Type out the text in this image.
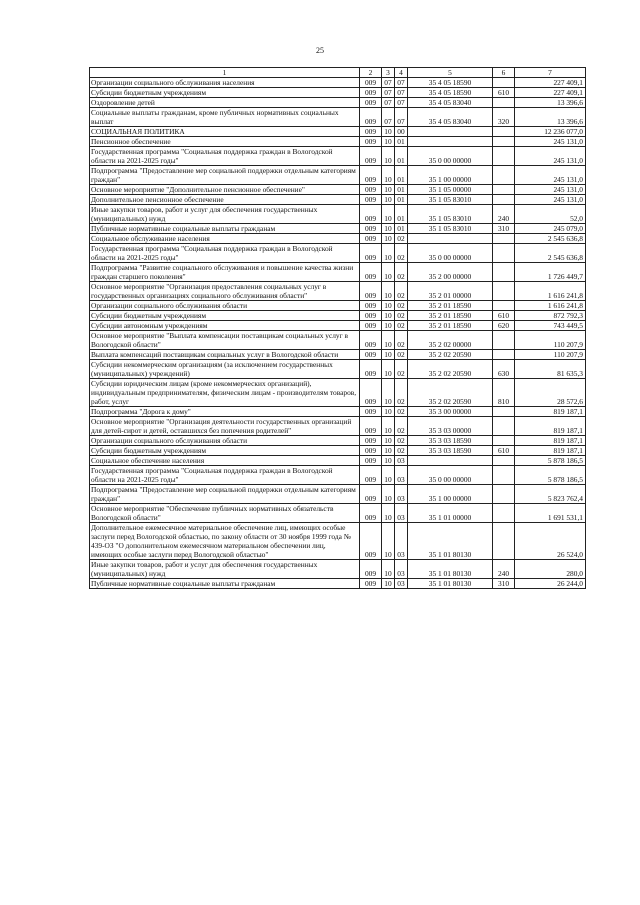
25
1	2	3	4	5	6	7
Организации социального обслуживания населения	009	07	07	35 4 05 18590		227 409,1
Субсидии бюджетным учреждениям	009	07	07	35 4 05 18590	610	227 409,1
Оздоровление детей	009	07	07	35 4 05 83040		13 396,6
Социальные выплаты гражданам, кроме публичных нормативных социальных выплат	009	07	07	35 4 05 83040	320	13 396,6
СОЦИАЛЬНАЯ ПОЛИТИКА	009	10	00			12 236 077,0
Пенсионное обеспечение	009	10	01			245 131,0
Государственная программа "Социальная поддержка граждан в Вологодской области на 2021-2025 годы"	009	10	01	35 0 00 00000		245 131,0
Подпрограмма "Предоставление мер социальной поддержки отдельным категориям граждан"	009	10	01	35 1 00 00000		245 131,0
Основное мероприятие "Дополнительное пенсионное обеспечение"	009	10	01	35 1 05 00000		245 131,0
Дополнительное пенсионное обеспечение	009	10	01	35 1 05 83010		245 131,0
Иные закупки товаров, работ и услуг для обеспечения государственных (муниципальных) нужд	009	10	01	35 1 05 83010	240	52,0
Публичные нормативные социальные выплаты гражданам	009	10	01	35 1 05 83010	310	245 079,0
Социальное обслуживание населения	009	10	02			2 545 636,8
Государственная программа "Социальная поддержка граждан в Вологодской области на 2021-2025 годы"	009	10	02	35 0 00 00000		2 545 636,8
Подпрограмма "Развитие социального обслуживания и повышение качества жизни граждан старшего поколения"	009	10	02	35 2 00 00000		1 726 449,7
Основное мероприятие "Организация предоставления социальных услуг в государственных организациях социального обслуживания области"	009	10	02	35 2 01 00000		1 616 241,8
Организации социального обслуживания области	009	10	02	35 2 01 18590		1 616 241,8
Субсидии бюджетным учреждениям	009	10	02	35 2 01 18590	610	872 792,3
Субсидии автономным учреждениям	009	10	02	35 2 01 18590	620	743 449,5
Основное мероприятие "Выплата компенсации поставщикам социальных услуг в Вологодской области"	009	10	02	35 2 02 00000		110 207,9
Выплата компенсаций поставщикам социальных услуг в Вологодской области	009	10	02	35 2 02 20590		110 207,9
Субсидии некоммерческим организациям (за исключением государственных (муниципальных) учреждений)	009	10	02	35 2 02 20590	630	81 635,3
Субсидии юридическим лицам (кроме некоммерческих организаций), индивидуальным предпринимателям, физическим лицам - производителям товаров, работ, услуг	009	10	02	35 2 02 20590	810	28 572,6
Подпрограмма "Дорога к дому"	009	10	02	35 3 00 00000		819 187,1
Основное мероприятие "Организация деятельности государственных организаций для детей-сирот и детей, оставшихся без попечения родителей"	009	10	02	35 3 03 00000		819 187,1
Организации социального обслуживания области	009	10	02	35 3 03 18590		819 187,1
Субсидии бюджетным учреждениям	009	10	02	35 3 03 18590	610	819 187,1
Социальное обеспечение населения	009	10	03			5 878 186,5
Государственная программа "Социальная поддержка граждан в Вологодской области на 2021-2025 годы"	009	10	03	35 0 00 00000		5 878 186,5
Подпрограмма "Предоставление мер социальной поддержки отдельным категориям граждан"	009	10	03	35 1 00 00000		5 823 762,4
Основное мероприятие "Обеспечение публичных нормативных обязательств Вологодской области"	009	10	03	35 1 01 00000		1 691 531,1
Дополнительное ежемесячное материальное обеспечение лиц, имеющих особые заслуги перед Вологодской областью, по закону области от 30 ноября 1999 года № 439-ОЗ "О дополнительном ежемесячном материальном обеспечении лиц, имеющих особые заслуги перед Вологодской областью"	009	10	03	35 1 01 80130		26 524,0
Иные закупки товаров, работ и услуг для обеспечения государственных (муниципальных) нужд	009	10	03	35 1 01 80130	240	280,0
Публичные нормативные социальные выплаты гражданам	009	10	03	35 1 01 80130	310	26 244,0
